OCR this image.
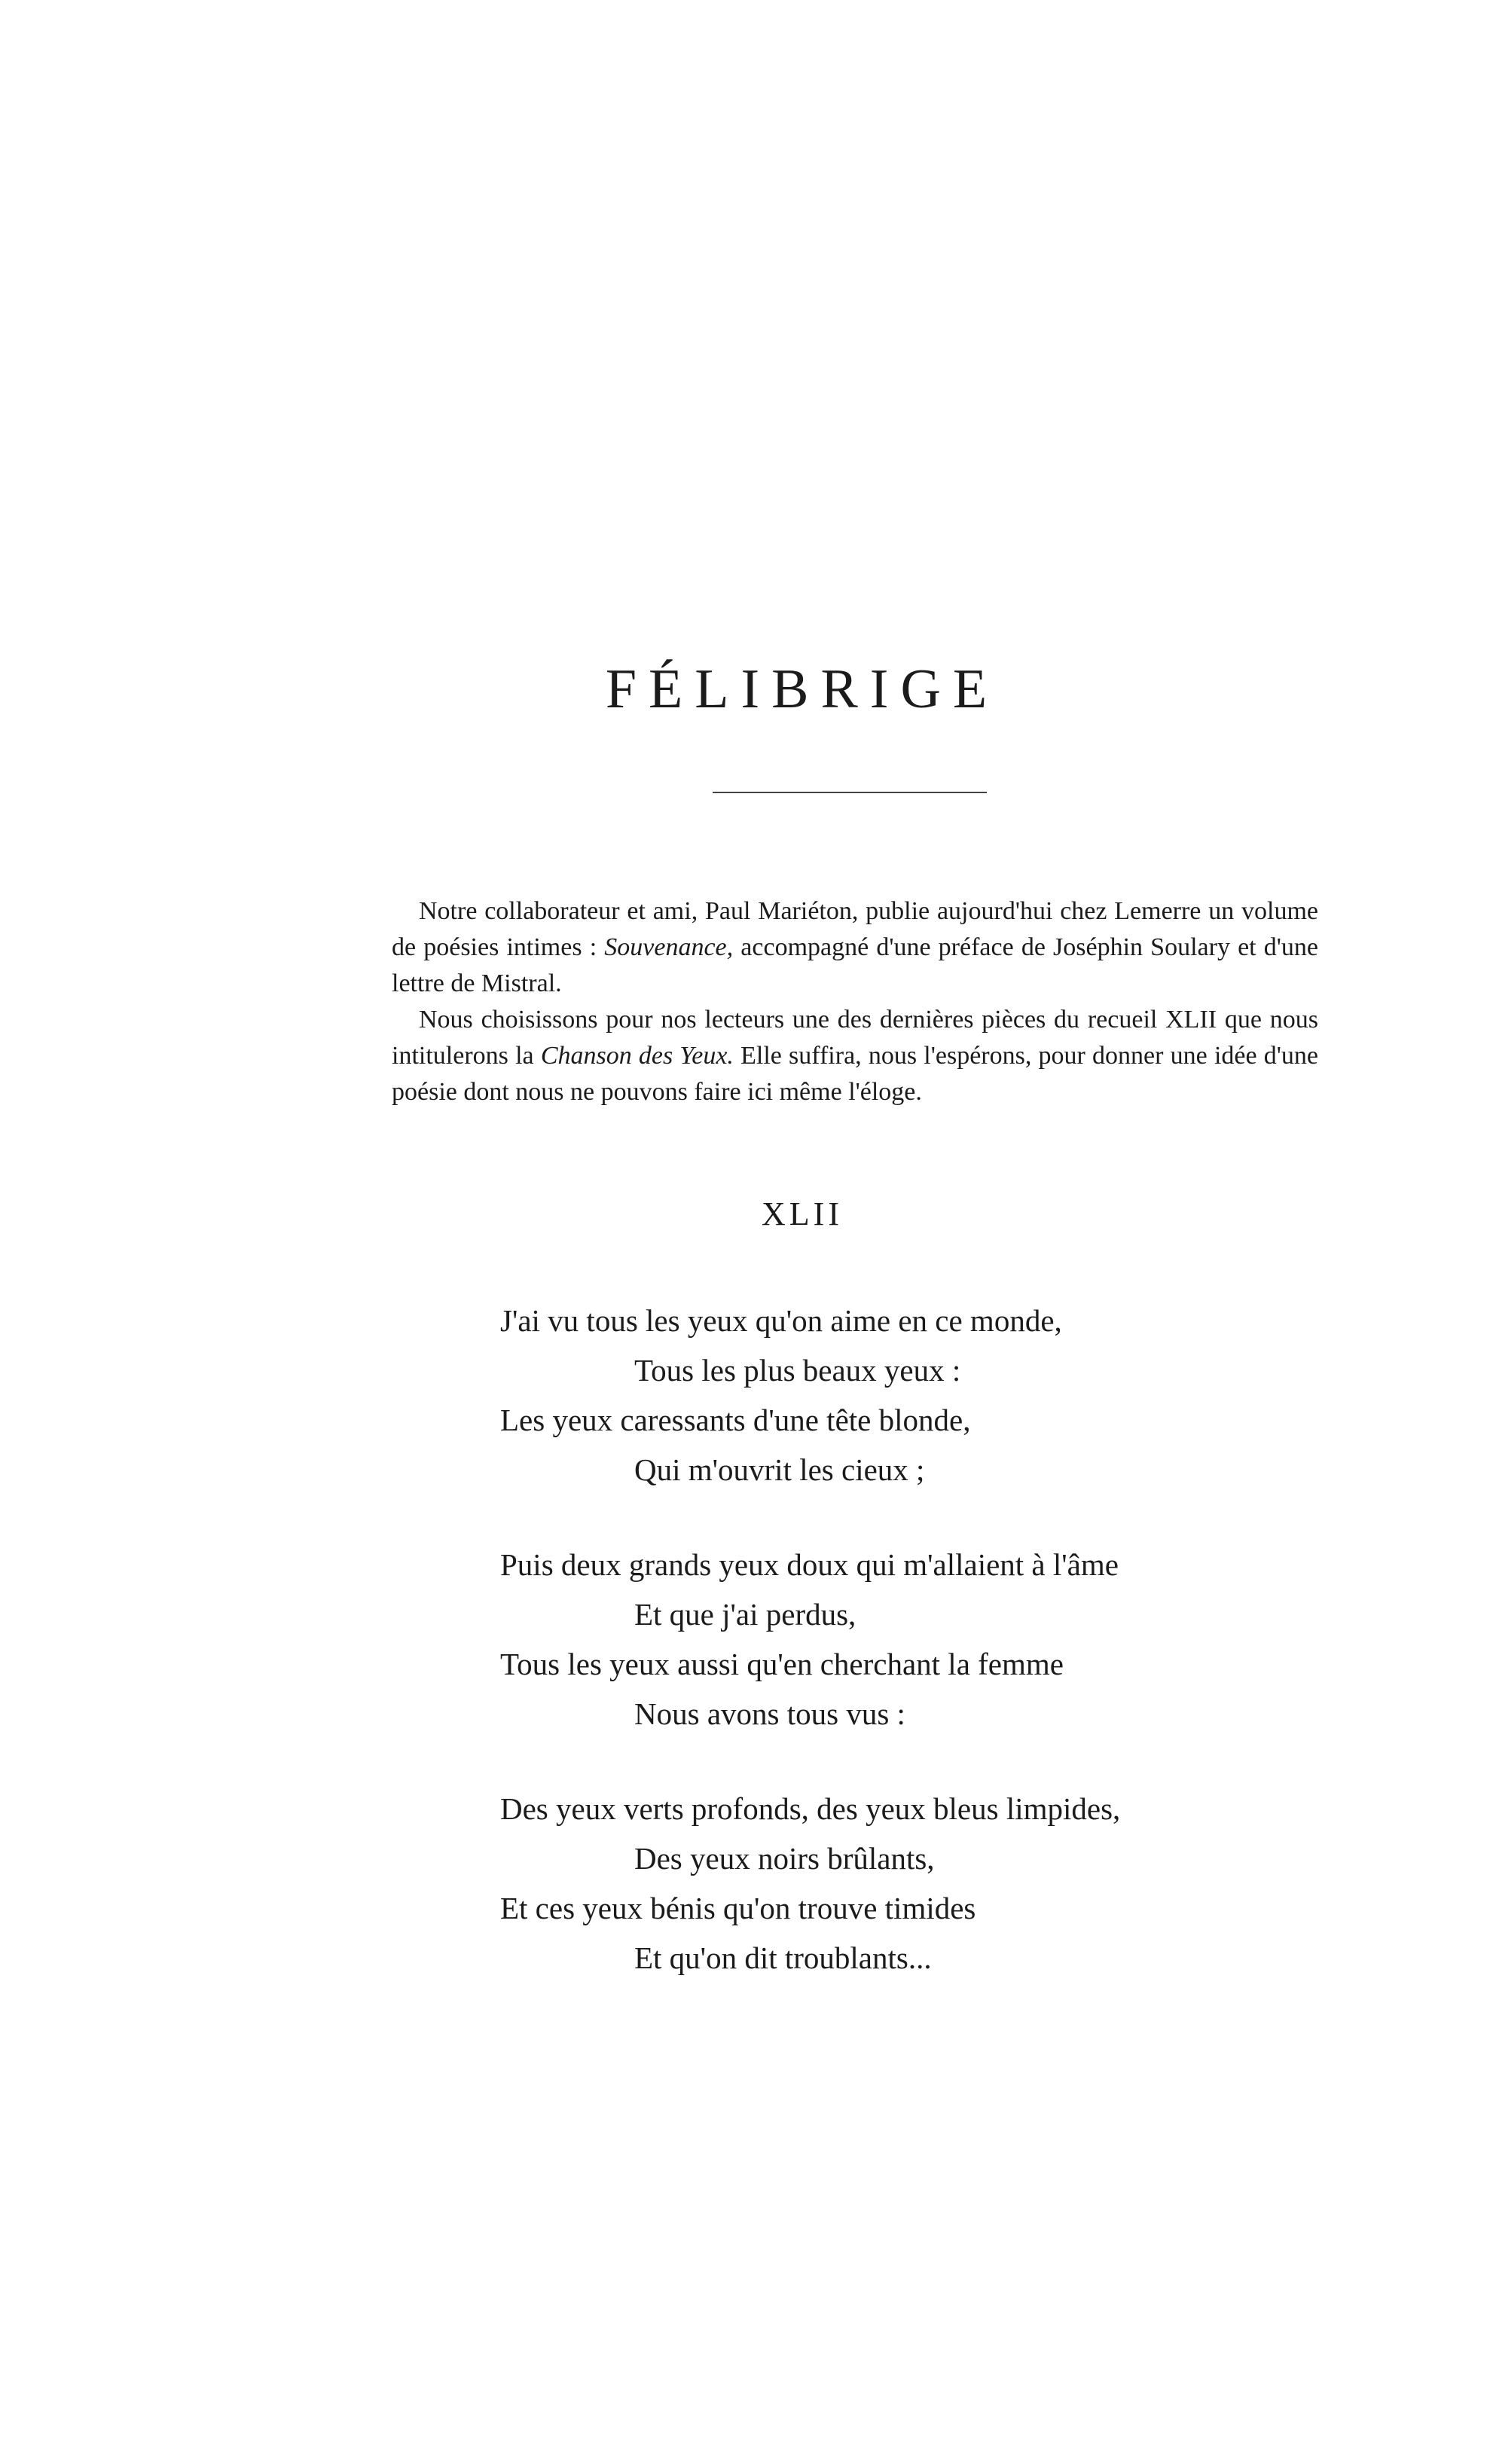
FÉLIBRIGE

Notre collaborateur et ami, Paul Mariéton, publie aujourd'hui chez Lemerre un volume de poésies intimes : Souvenance, accompagné d'une préface de Joséphin Soulary et d'une lettre de Mistral.

Nous choisissons pour nos lecteurs une des dernières pièces du recueil XLII que nous intitulerons la Chanson des Yeux. Elle suffira, nous l'espérons, pour donner une idée d'une poésie dont nous ne pouvons faire ici même l'éloge.

XLII
J'ai vu tous les yeux qu'on aime en ce monde,
Tous les plus beaux yeux :
Les yeux caressants d'une tête blonde,
Qui m'ouvrit les cieux ;
Puis deux grands yeux doux qui m'allaient à l'âme
Et que j'ai perdus,
Tous les yeux aussi qu'en cherchant la femme
Nous avons tous vus :
Des yeux verts profonds, des yeux bleus limpides,
Des yeux noirs brûlants,
Et ces yeux bénis qu'on trouve timides
Et qu'on dit troublants...
